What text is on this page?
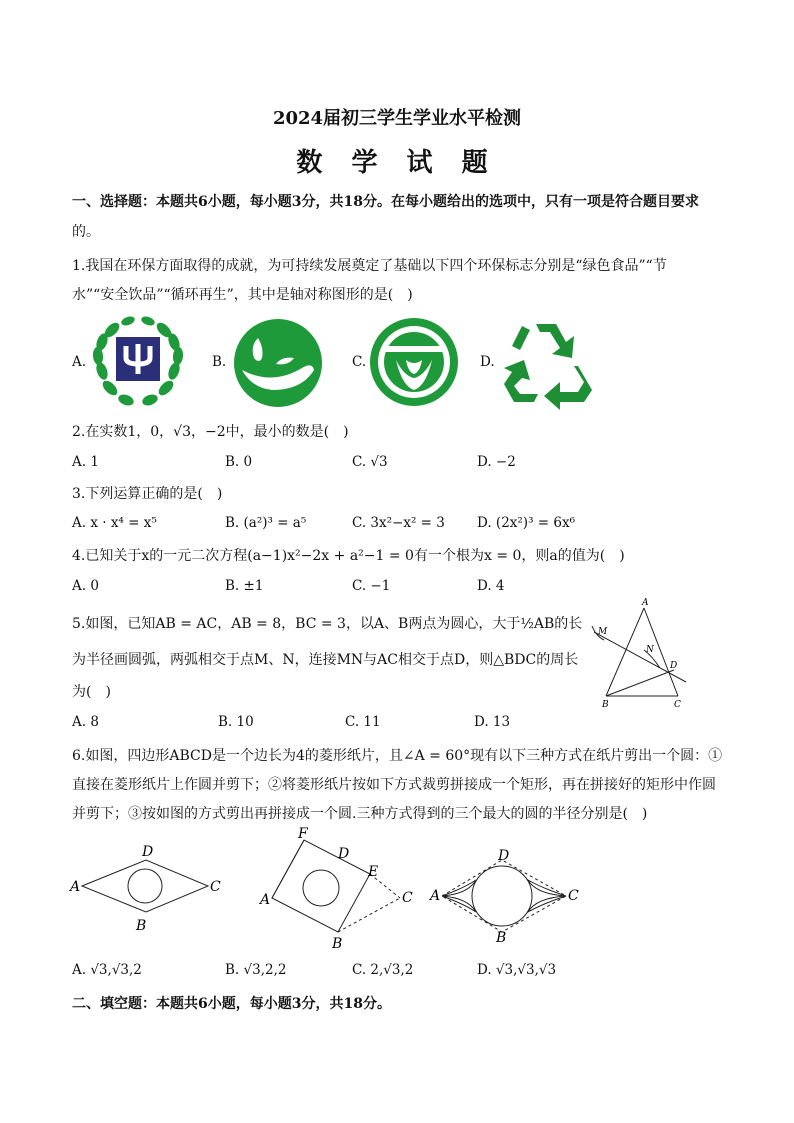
2024届初三学生学业水平检测
数 学 试 题
一、选择题：本题共6小题，每小题3分，共18分。在每小题给出的选项中，只有一项是符合题目要求
的。
1.我国在环保方面取得的成就，为可持续发展奠定了基础以下四个环保标志分别是“绿色食品”“节
水”“安全饮品”“循环再生”，其中是轴对称图形的是(　)
A.	B.	C.	D.
2.在实数1，0，√3，−2中，最小的数是(　)
A. 1	B. 0	C. √3	D. −2
3.下列运算正确的是(　)
A. x · x⁴ = x⁵	B. (a²)³ = a⁵	C. 3x²−x² = 3 D. (2x²)³ = 6x⁶
4.已知关于x的一元二次方程(a−1)x²−2x + a²−1 = 0有一个根为x = 0，则a的值为(　)
A. 0	B. ±1	C. −1	D. 4
5.如图，已知AB = AC，AB = 8，BC = 3，以A、B两点为圆心，大于½AB的长
为半径画圆弧，两弧相交于点M、N，连接MN与AC相交于点D，则△BDC的周长
为(　)
A. 8	B. 10	C. 11	D. 13
A
M
N
D
B	C
6.如图，四边形ABCD是一个边长为4的菱形纸片，且∠A = 60°现有以下三种方式在纸片剪出一个圆：①
直接在菱形纸片上作圆并剪下；②将菱形纸片按如下方式裁剪拼接成一个矩形，再在拼接好的矩形中作圆
并剪下；③按如图的方式剪出再拼接成一个圆.三种方式得到的三个最大的圆的半径分别是(　)
D
A	C
B
F
D
E
A	C
B
D
A	C
B
A. √3,√3,2	B. √3,2,2	C. 2,√3,2	D. √3,√3,√3
二、填空题：本题共6小题，每小题3分，共18分。
